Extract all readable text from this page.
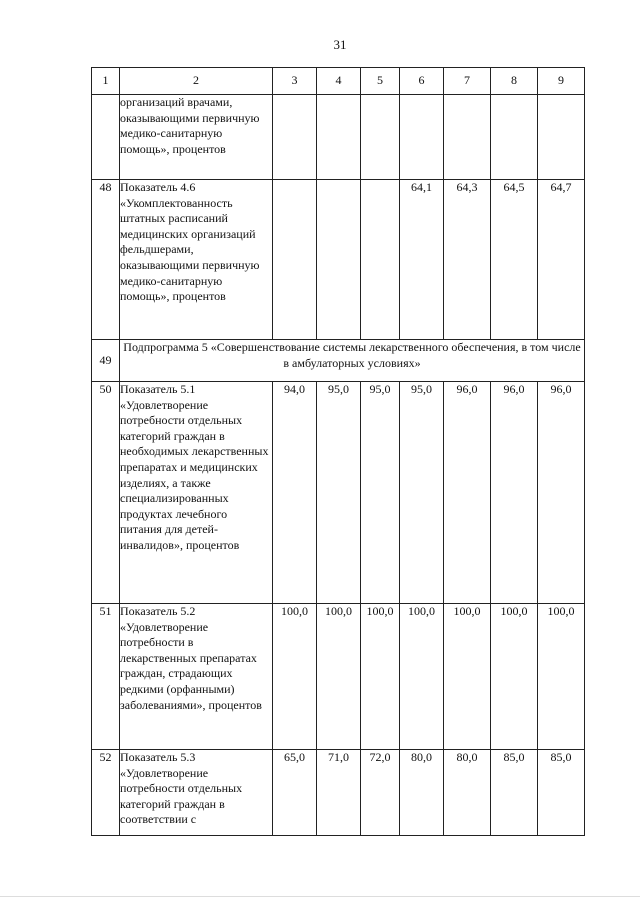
31
1	2	3	4	5	6	7	8	9
	организаций врачами, оказывающими первичную медико-санитарную помощь», процентов							
48	Показатель 4.6 «Укомплектованность штатных расписаний медицинских организаций фельдшерами, оказывающими первичную медико-санитарную помощь», процентов				64,1	64,3	64,5	64,7
49	Подпрограмма 5 «Совершенствование системы лекарственного обеспечения, в том числе в амбулаторных условиях»							
50	Показатель 5.1 «Удовлетворение потребности отдельных категорий граждан в необходимых лекарственных препаратах и медицинских изделиях, а также специализированных продуктах лечебного питания для детей-инвалидов», процентов	94,0	95,0	95,0	95,0	96,0	96,0	96,0
51	Показатель 5.2 «Удовлетворение потребности в лекарственных препаратах граждан, страдающих редкими (орфанными) заболеваниями», процентов	100,0	100,0	100,0	100,0	100,0	100,0	100,0
52	Показатель 5.3 «Удовлетворение потребности отдельных категорий граждан в соответствии с	65,0	71,0	72,0	80,0	80,0	85,0	85,0
